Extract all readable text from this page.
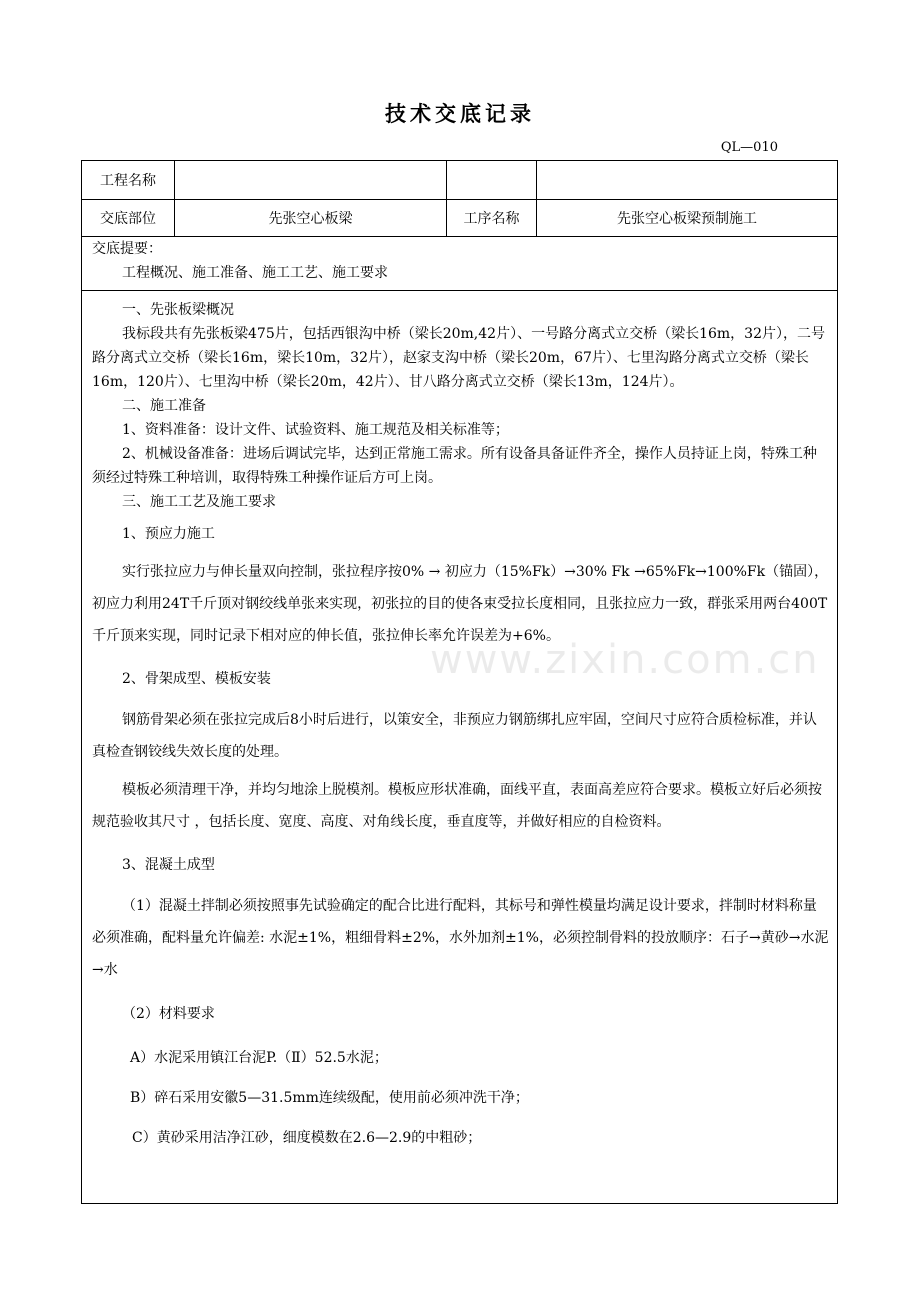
技术交底记录
QL—010
工程名称
交底部位	先张空心板梁	工序名称	先张空心板梁预制施工
交底提要：
工程概况、施工准备、施工工艺、施工要求

一、先张板梁概况

我标段共有先张板梁475片，包括西银沟中桥（梁长20m,42片）、一号路分离式立交桥（梁长16m，32片），二号路分离式立交桥（梁长16m，梁长10m，32片），赵家支沟中桥（梁长20m，67片）、七里沟路分离式立交桥（梁长16m，120片）、七里沟中桥（梁长20m，42片）、甘八路分离式立交桥（梁长13m，124片）。

二、施工准备

1、资料准备：设计文件、试验资料、施工规范及相关标准等；

2、机械设备准备：进场后调试完毕，达到正常施工需求。所有设备具备证件齐全，操作人员持证上岗，特殊工种须经过特殊工种培训，取得特殊工种操作证后方可上岗。

三、施工工艺及施工要求

1、预应力施工

实行张拉应力与伸长量双向控制，张拉程序按0% → 初应力（15%Fk）→30% Fk →65%Fk→100%Fk（锚固），初应力利用24T千斤顶对钢绞线单张来实现，初张拉的目的使各束受拉长度相同，且张拉应力一致，群张采用两台400T千斤顶来实现，同时记录下相对应的伸长值，张拉伸长率允许误差为+6%。

2、骨架成型、模板安装

钢筋骨架必须在张拉完成后8小时后进行，以策安全，非预应力钢筋绑扎应牢固，空间尺寸应符合质检标准，并认真检查钢铰线失效长度的处理。

模板必须清理干净，并均匀地涂上脱模剂。模板应形状准确，面线平直，表面高差应符合要求。模板立好后必须按规范验收其尺寸 ，包括长度、宽度、高度、对角线长度，垂直度等，并做好相应的自检资料。

3、混凝土成型

（1）混凝土拌制必须按照事先试验确定的配合比进行配料，其标号和弹性模量均满足设计要求，拌制时材料称量必须准确，配料量允许偏差: 水泥±1%，粗细骨料±2%，水外加剂±1%，必须控制骨料的投放顺序：石子→黄砂→水泥→水

（2）材料要求

A）水泥采用镇江台泥P.（Ⅱ）52.5水泥；

B）碎石采用安徽5—31.5mm连续级配，使用前必须冲洗干净；

C）黄砂采用洁净江砂，细度模数在2.6—2.9的中粗砂；

www.zixin.com.cn
